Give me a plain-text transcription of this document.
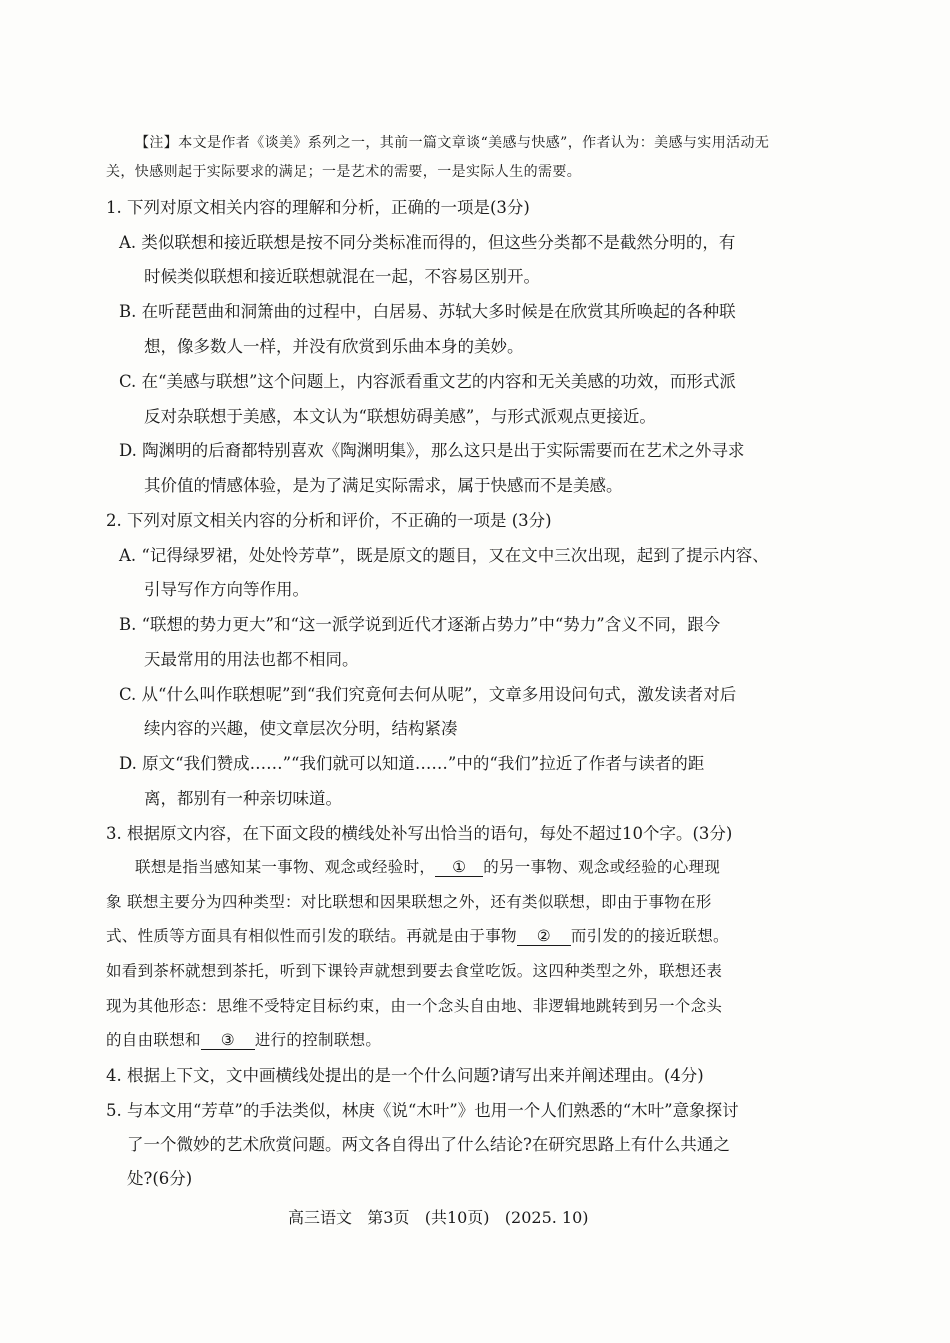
【注】本文是作者《谈美》系列之一，其前一篇文章谈“美感与快感”，作者认为：美感与实用活动无
关，快感则起于实际要求的满足；一是艺术的需要，一是实际人生的需要。
1. 下列对原文相关内容的理解和分析，正确的一项是(3分)
A. 类似联想和接近联想是按不同分类标准而得的，但这些分类都不是截然分明的，有
时候类似联想和接近联想就混在一起，不容易区别开。
B. 在听琵琶曲和洞箫曲的过程中，白居易、苏轼大多时候是在欣赏其所唤起的各种联
想，像多数人一样，并没有欣赏到乐曲本身的美妙。
C. 在“美感与联想”这个问题上，内容派看重文艺的内容和无关美感的功效，而形式派
反对杂联想于美感，本文认为“联想妨碍美感”，与形式派观点更接近。
D. 陶渊明的后裔都特别喜欢《陶渊明集》，那么这只是出于实际需要而在艺术之外寻求
其价值的情感体验，是为了满足实际需求，属于快感而不是美感。
2. 下列对原文相关内容的分析和评价，不正确的一项是 (3分)
A. “记得绿罗裙，处处怜芳草”，既是原文的题目，又在文中三次出现，起到了提示内容、
引导写作方向等作用。
B. “联想的势力更大”和“这一派学说到近代才逐渐占势力”中“势力”含义不同，跟今
天最常用的用法也都不相同。
C. 从“什么叫作联想呢”到“我们究竟何去何从呢”，文章多用设问句式，激发读者对后
续内容的兴趣，使文章层次分明，结构紧凑
D. 原文“我们赞成……”“我们就可以知道……”中的“我们”拉近了作者与读者的距
离，都别有一种亲切味道。
3. 根据原文内容，在下面文段的横线处补写出恰当的语句，每处不超过10个字。(3分)
联想是指当感知某一事物、观念或经验时， ① 的另一事物、观念或经验的心理现
象 联想主要分为四种类型：对比联想和因果联想之外，还有类似联想，即由于事物在形
式、性质等方面具有相似性而引发的联结。再就是由于事物 ② 而引发的的接近联想。
如看到茶杯就想到茶托，听到下课铃声就想到要去食堂吃饭。这四种类型之外，联想还表
现为其他形态：思维不受特定目标约束，由一个念头自由地、非逻辑地跳转到另一个念头
的自由联想和 ③ 进行的控制联想。
4. 根据上下文，文中画横线处提出的是一个什么问题?请写出来并阐述理由。(4分)
5. 与本文用“芳草”的手法类似，林庚《说“木叶”》也用一个人们熟悉的“木叶”意象探讨
了一个微妙的艺术欣赏问题。两文各自得出了什么结论?在研究思路上有什么共通之
处?(6分)
高三语文   第3页   (共10页)   (2025. 10)
